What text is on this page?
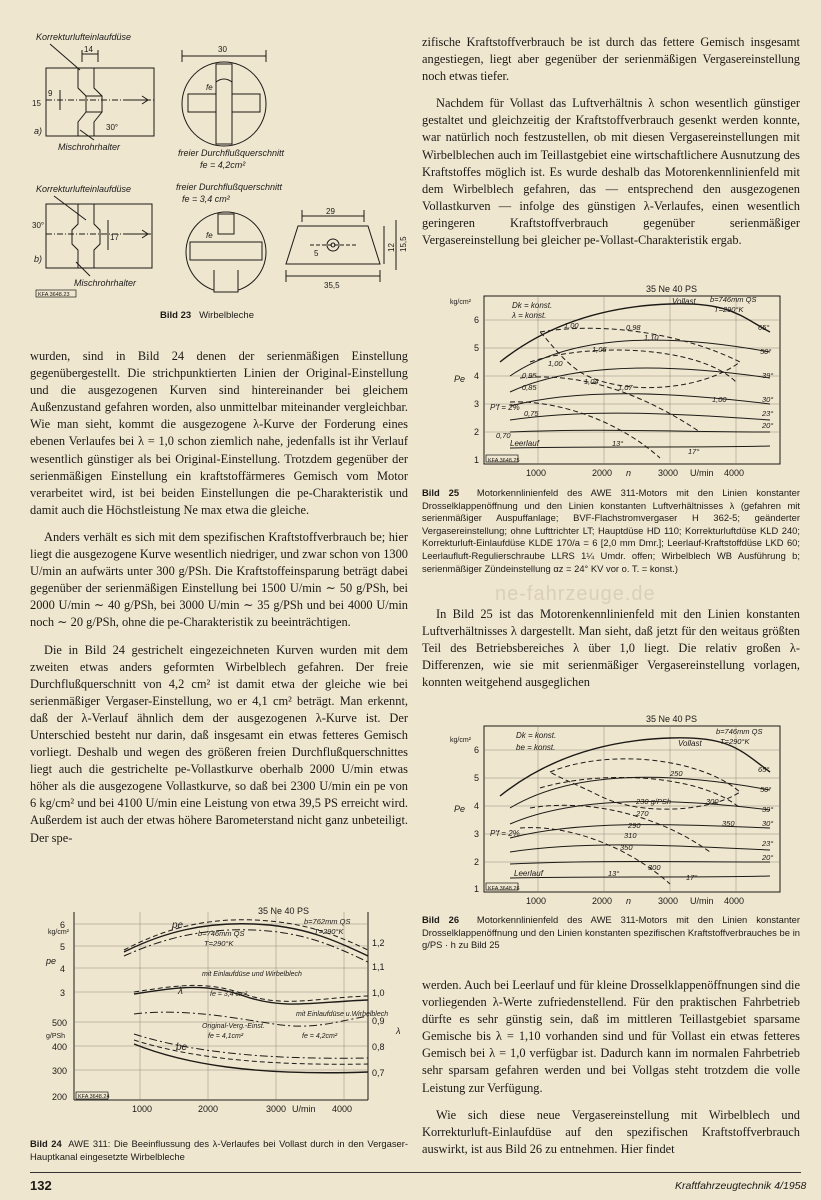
Korrekturlufteinlaufdüse
14
15
9
30°
a)
Mischrohrhalter
30
fe
freier Durchflußquerschnitt
fe = 4,2cm²
Korrekturlufteinlaufdüse
17
30°
b)
Mischrohrhalter
KFA 3648.23
freier Durchflußquerschnitt
fe = 3,4 cm²
fe
29
5
12 15,5
35,5
Bild 23 Wirbelbleche

wurden, sind in Bild 24 denen der serienmäßigen Einstellung gegenübergestellt. Die strichpunktierten Linien der Original-Einstellung und die ausgezogenen Kurven sind hintereinander bei gleichem Außenzustand gefahren worden, also unmittelbar miteinander vergleichbar. Wie man sieht, kommt die ausgezogene λ-Kurve der Forderung eines ebenen Verlaufes bei λ = 1,0 schon ziemlich nahe, jedenfalls ist ihr Verlauf wesentlich günstiger als bei Original-Einstellung. Trotzdem gegenüber der serienmäßigen Einstellung ein kraftstoffärmeres Gemisch vom Motor verarbeitet wird, ist bei beiden Einstellungen die pe-Charakteristik und damit auch die Höchstleistung Ne max etwa die gleiche.

Anders verhält es sich mit dem spezifischen Kraftstoffverbrauch be; hier liegt die ausgezogene Kurve wesentlich niedriger, und zwar schon von 1300 U/min an aufwärts unter 300 g/PSh. Die Kraftstoffeinsparung beträgt dabei gegenüber der serienmäßigen Einstellung bei 1500 U/min ∼ 50 g/PSh, bei 2000 U/min ∼ 40 g/PSh, bei 3000 U/min ∼ 35 g/PSh und bei 4000 U/min noch ∼ 20 g/PSh, ohne die pe-Charakteristik zu beeinträchtigen.

Die in Bild 24 gestrichelt eingezeichneten Kurven wurden mit dem zweiten etwas anders geformten Wirbelblech gefahren. Der freie Durchflußquerschnitt von 4,2 cm² ist damit etwa der gleiche wie bei serienmäßiger Vergaser-Einstellung, wo er 4,1 cm² beträgt. Man erkennt, daß der λ-Verlauf ähnlich dem der ausgezogenen λ-Kurve ist. Der Unterschied besteht nur darin, daß insgesamt ein etwas fetteres Gemisch vorliegt. Deshalb und wegen des größeren freien Durchflußquerschnittes liegt auch die gestrichelte pe-Vollastkurve oberhalb 2000 U/min etwas höher als die ausgezogene Vollastkurve, so daß bei 2300 U/min ein pe von 6 kg/cm² und bei 4100 U/min eine Leistung von etwa 39,5 PS erreicht wird. Außerdem ist auch der etwas höhere Barometerstand nicht ganz unbeteiligt. Der spe-

6
5
4
3
500
400
300
200
1,2
1,1
1,0
0,9
0,8
0,7
1000	2000	3000	4000
U/min
35 Ne 40 PS
kg/cm²
pe
g/PSh
λ
pe
b=746mm QS
T=290°K
b=762mm QS
T=290°K
λ
mit Einlaufdüse und Wirbelblech
fe = 3,4 cm²
mit Einlaufdüse u.Wirbelblech
fe = 4,2cm²
Original-Verg.-Einst.
fe = 4,1cm²
be
KFA 3648.24
Bild 24 AWE 311: Die Beeinflussung des λ-Verlaufes bei Vollast durch in den Vergaser-Hauptkanal eingesetzte Wirbelbleche

zifische Kraftstoffverbrauch be ist durch das fettere Gemisch insgesamt angestiegen, liegt aber gegenüber der serienmäßigen Vergasereinstellung noch etwas tiefer.

Nachdem für Vollast das Luftverhältnis λ schon wesentlich günstiger gestaltet und gleichzeitig der Kraftstoffverbrauch gesenkt werden konnte, war natürlich noch festzustellen, ob mit diesen Vergasereinstellungen mit Wirbelblechen auch im Teillastgebiet eine wirtschaftlichere Ausnutzung des Kraftstoffes möglich ist. Es wurde deshalb das Motorenkennlinienfeld mit dem Wirbelblech gefahren, das — entsprechend den ausgezogenen Vollastkurven — infolge des günstigen λ-Verlaufes, einen wesentlich geringeren Kraftstoffverbrauch gegenüber serienmäßiger Vergasereinstellung bei gleicher pe-Vollast-Charakteristik ergab.

35 Ne 40 PS
kg/cm²
Pe
6
5
4
3
2
1
1000	2000	3000	4000
n	U/min
Dk = konst.
λ = konst.
Vollast b=746mm QS
T=290°K
P'f = 2%
Leerlauf
0,70
KFA 3648.25
1,00	0,98
1,05
1,10
1,07
1,04
1,00
0,95
0,85
0,75
1,00
65°
50°
39°
30°
23°
20°
17°
13°
Bild 25 Motorkennlinienfeld des AWE 311-Motors mit den Linien konstanter Drosselklappenöffnung und den Linien konstanten Luftverhältnisses λ (gefahren mit serienmäßiger Auspuffanlage; BVF-Flachstromvergaser H 362-5; geänderter Vergasereinstellung; ohne Lufttrichter LT; Hauptdüse HD 110; Korrekturluftdüse KLD 240; Korrekturluft-Einlaufdüse KLDE 170/a = 6 [2,0 mm Dmr.]; Leerlauf-Kraftstoffdüse LKD 60; Leerlaufluft-Regulierschraube LLRS 1¼ Umdr. offen; Wirbelblech WB Ausführung b; serienmäßiger Zündeinstellung αz = 24° KV vor o. T. = konst.)
ne-fahrzeuge.de

In Bild 25 ist das Motorenkennlinienfeld mit den Linien konstanten Luftverhältnisses λ dargestellt. Man sieht, daß jetzt für den weitaus größten Teil des Betriebsbereiches λ über 1,0 liegt. Die relativ großen λ-Differenzen, wie sie mit serienmäßiger Vergasereinstellung vorlagen, konnten weitgehend ausgeglichen

35 Ne 40 PS
kg/cm²
Pe
6
5
4
3
2
1
1000	2000	3000	4000
n	U/min
Dk = konst.
be = konst.	Vollast
b=746mm QS
T=290°K
P'f = 2%
Leerlauf
KFA 3648.26
250
230 g/PSh
270
290
310
350
300
350
300
65°
50°
39°
30°
23°
20°
17°
13°
Bild 26 Motorkennlinienfeld des AWE 311-Motors mit den Linien konstanter Drosselklappenöffnung und den Linien konstanten spezifischen Kraftstoffverbrauches be in g/PS · h zu Bild 25

werden. Auch bei Leerlauf und für kleine Drosselklappenöffnungen sind die vorliegenden λ-Werte zufriedenstellend. Für den praktischen Fahrbetrieb dürfte es sehr günstig sein, daß im mittleren Teillastgebiet sparsame Gemische bis λ = 1,10 vorhanden sind und für Vollast ein etwas fetteres Gemisch bei λ = 1,0 verfügbar ist. Dadurch kann im normalen Fahrbetrieb sehr sparsam gefahren werden und bei Vollgas steht trotzdem die volle Leistung zur Verfügung.

Wie sich diese neue Vergasereinstellung mit Wirbelblech und Korrekturluft-Einlaufdüse auf den spezifischen Kraftstoffverbrauch auswirkt, ist aus Bild 26 zu entnehmen. Hier findet

132	Kraftfahrzeugtechnik 4/1958
